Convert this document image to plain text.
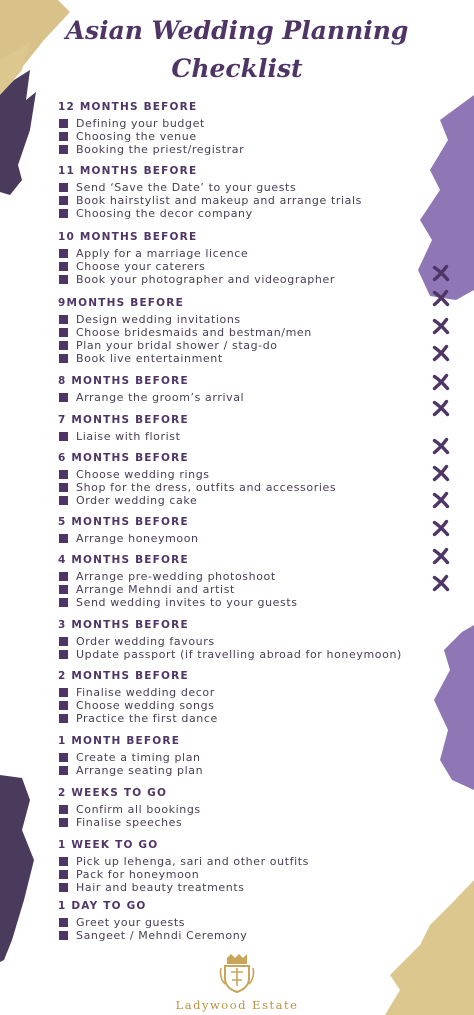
Asian Wedding Planning
Checklist
12 MONTHS BEFORE
Defining your budget
Choosing the venue
Booking the priest/registrar
11 MONTHS BEFORE
Send ‘Save the Date’ to your guests
Book hairstylist and makeup and arrange trials
Choosing the decor company
10 MONTHS BEFORE
Apply for a marriage licence
Choose your caterers
Book your photographer and videographer
9MONTHS BEFORE
Design wedding invitations
Choose bridesmaids and bestman/men
Plan your bridal shower / stag-do
Book live entertainment
8 MONTHS BEFORE
Arrange the groom’s arrival
7 MONTHS BEFORE
Liaise with florist
6 MONTHS BEFORE
Choose wedding rings
Shop for the dress, outfits and accessories
Order wedding cake
5 MONTHS BEFORE
Arrange honeymoon
4 MONTHS BEFORE
Arrange pre-wedding photoshoot
Arrange Mehndi and artist
Send wedding invites to your guests
3 MONTHS BEFORE
Order wedding favours
Update passport (if travelling abroad for honeymoon)
2 MONTHS BEFORE
Finalise wedding decor
Choose wedding songs
Practice the first dance
1 MONTH BEFORE
Create a timing plan
Arrange seating plan
2 WEEKS TO GO
Confirm all bookings
Finalise speeches
1 WEEK TO GO
Pick up lehenga, sari and other outfits
Pack for honeymoon
Hair and beauty treatments
1 DAY TO GO
Greet your guests
Sangeet / Mehndi Ceremony
Ladywood Estate
